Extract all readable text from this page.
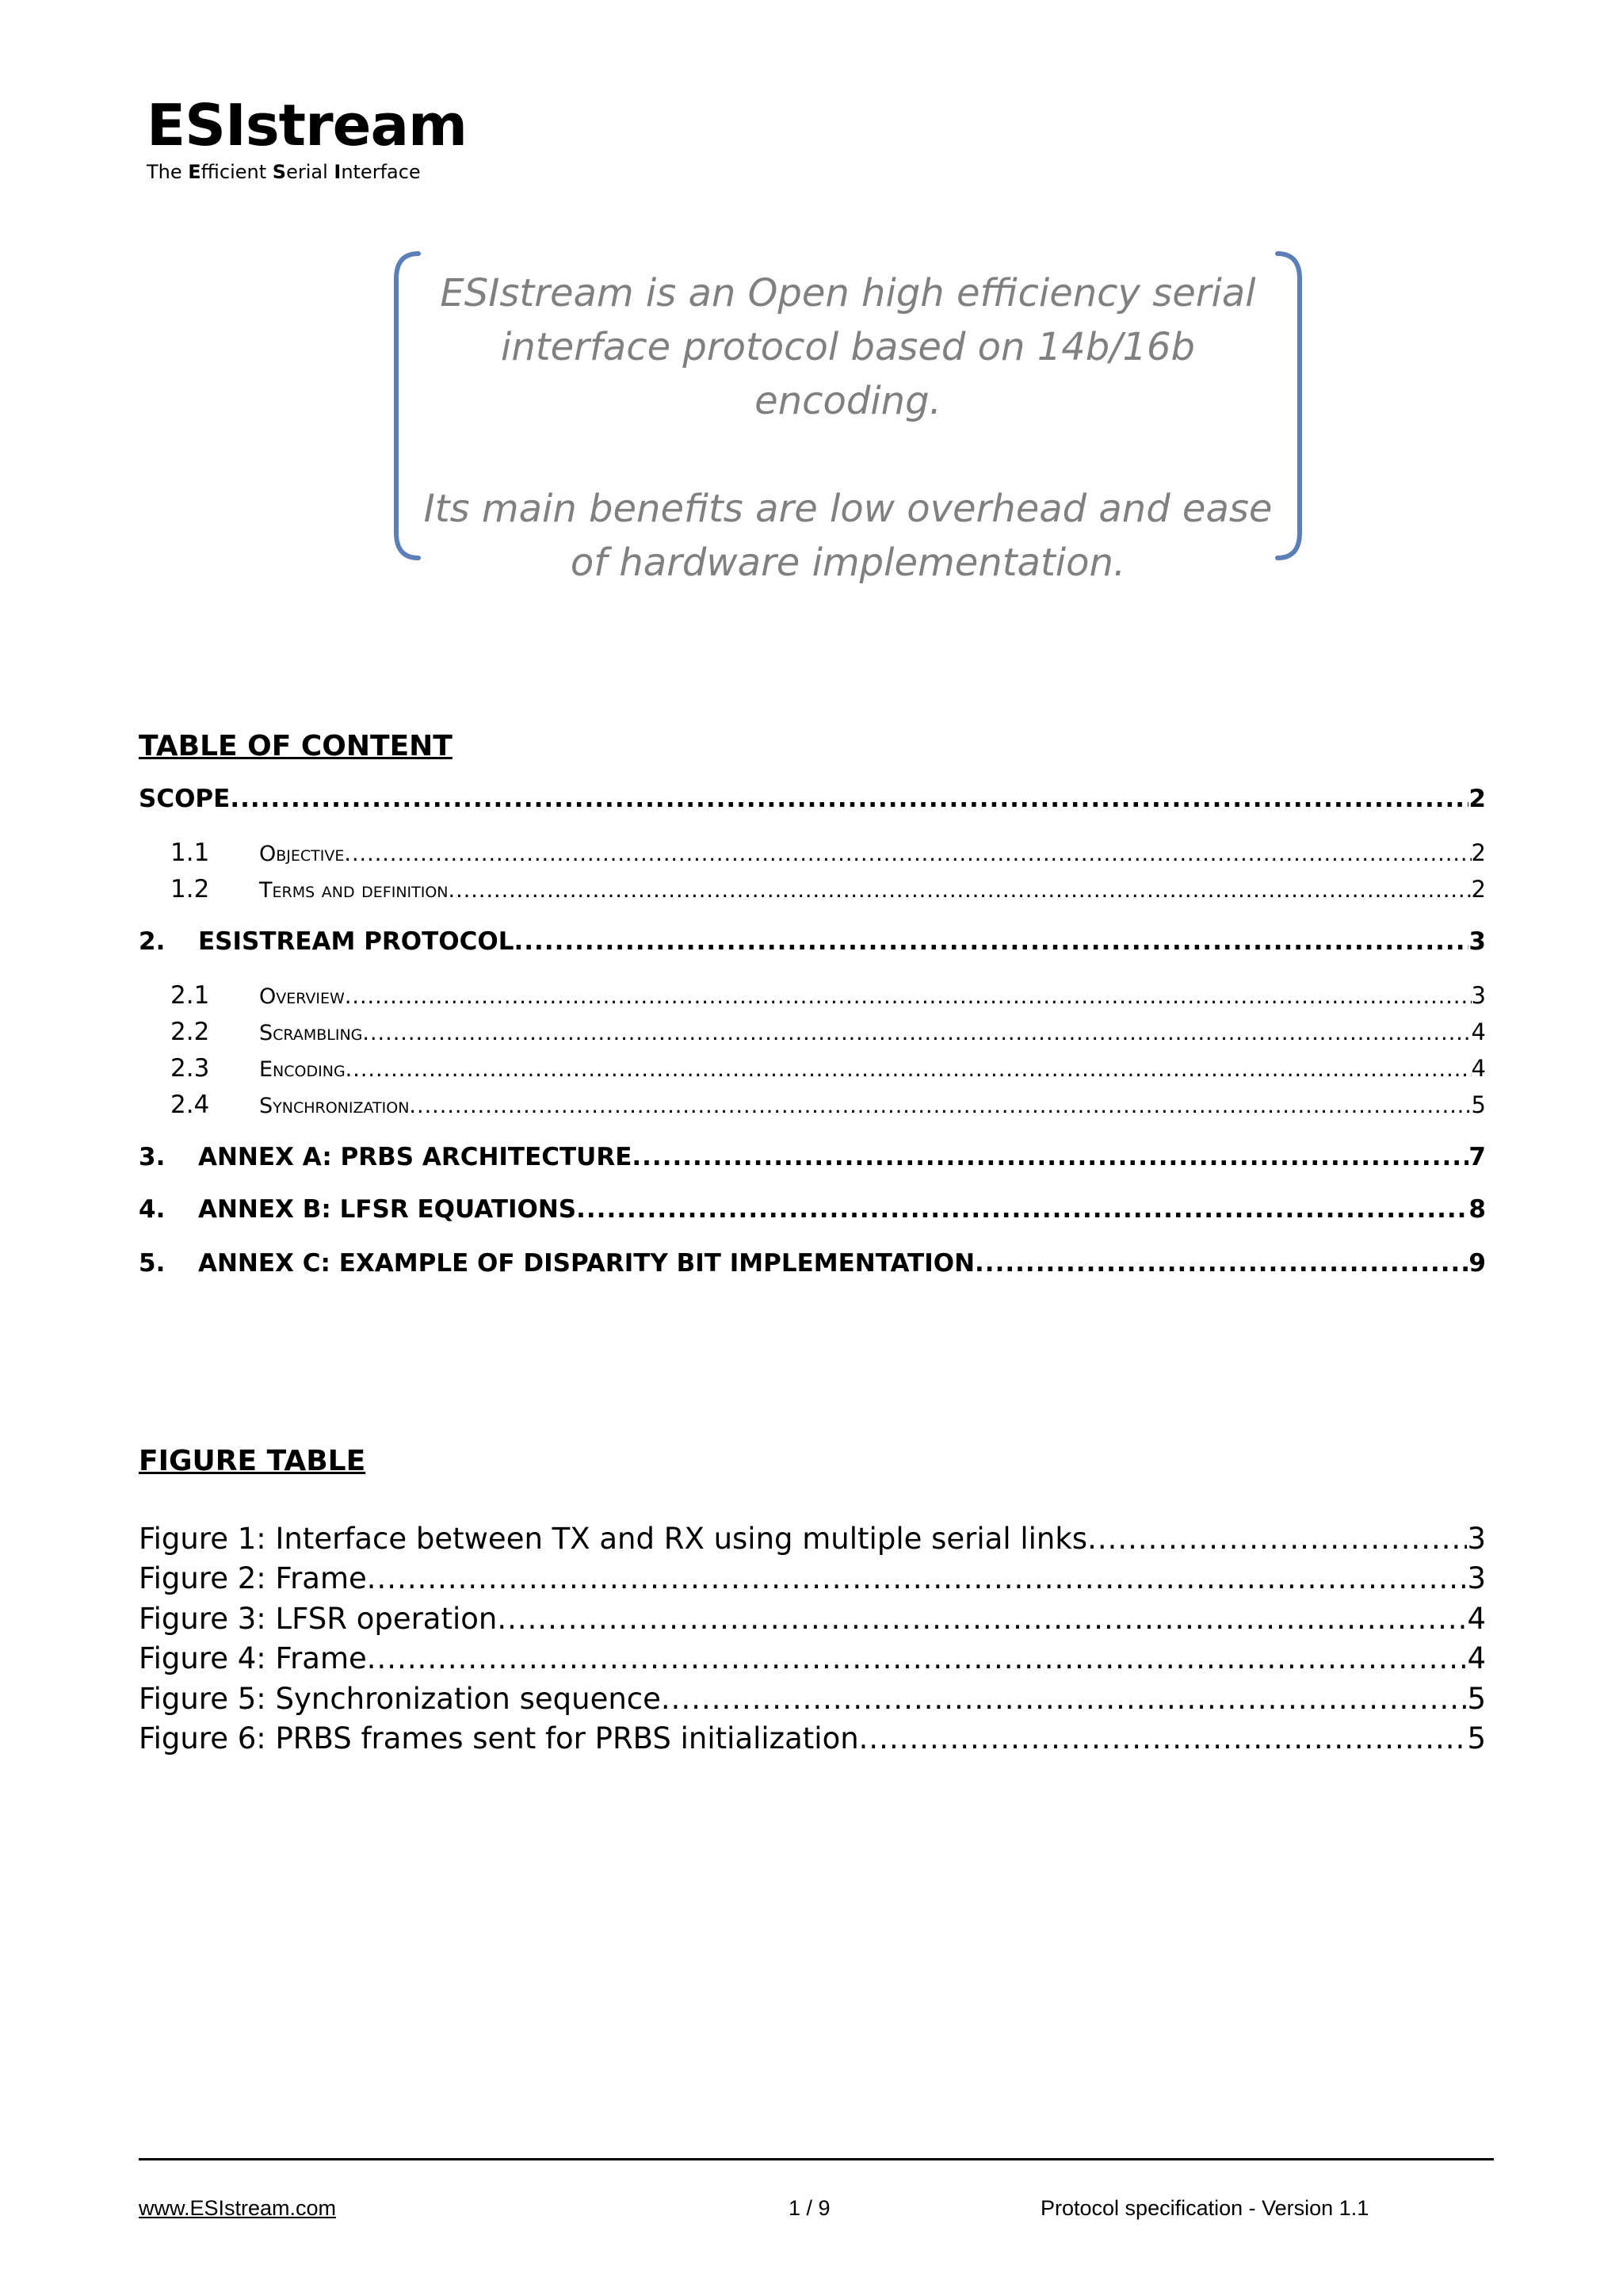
ESIstream
The Efficient Serial Interface

ESIstream is an Open high efficiency serial interface protocol based on 14b/16b encoding.

Its main benefits are low overhead and ease of hardware implementation.

TABLE OF CONTENT
SCOPE .....	2
1.1	Objective .....	2
1.2	Terms and definition .....	2
2.	ESISTREAM PROTOCOL .....	3
2.1	Overview .....	3
2.2	Scrambling .....	4
2.3	Encoding .....	4
2.4	Synchronization .....	5
3.	ANNEX A: PRBS ARCHITECTURE .....	7
4.	ANNEX B: LFSR EQUATIONS .....	8
5.	ANNEX C: EXAMPLE OF DISPARITY BIT IMPLEMENTATION .....	9
FIGURE TABLE
Figure 1: Interface between TX and RX using multiple serial links .....	3
Figure 2: Frame .....	3
Figure 3: LFSR operation .....	4
Figure 4: Frame .....	4
Figure 5: Synchronization sequence .....	5
Figure 6: PRBS frames sent for PRBS initialization .....	5
www.ESIstream.com	1 / 9	Protocol specification - Version 1.1
